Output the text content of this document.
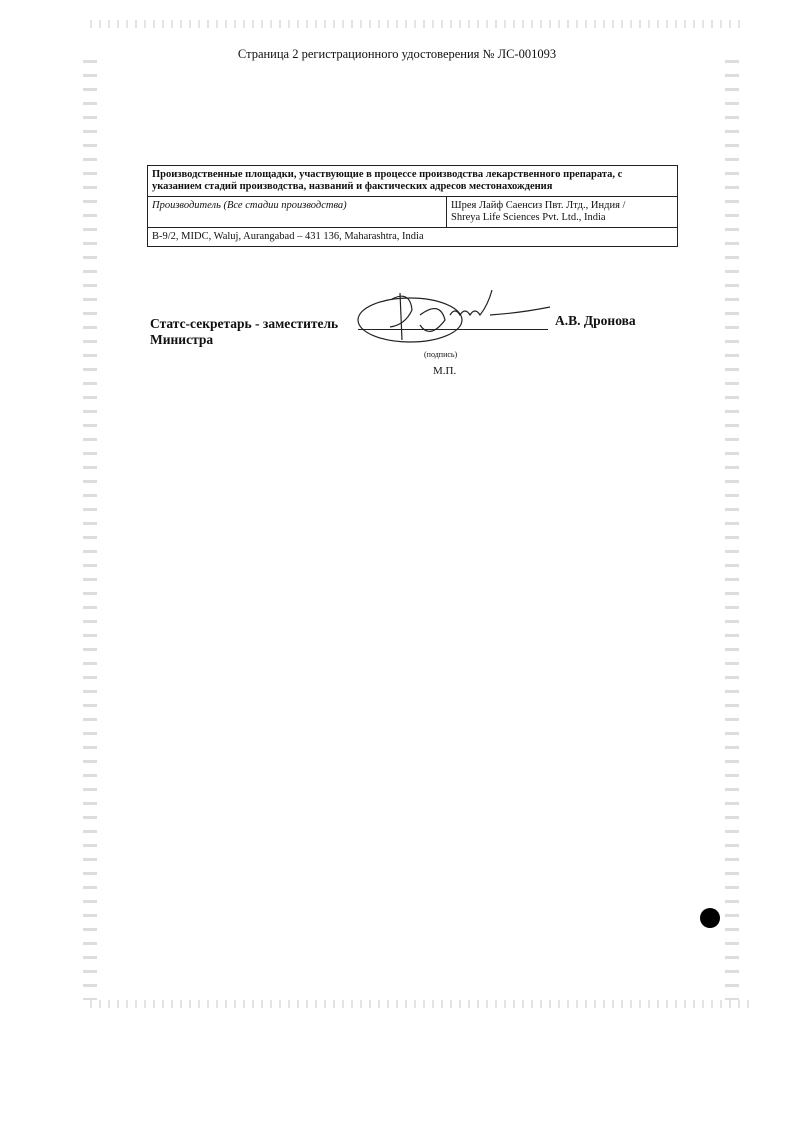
Страница 2 регистрационного удостоверения № ЛС-001093
Производственные площадки, участвующие в процессе производства лекарственного препарата, с указанием стадий производства, названий и фактических адресов местонахождения
Производитель (Все стадии производства)	Шрея Лайф Саенсиз Пвт. Лтд., Индия /
Shreya Life Sciences Pvt. Ltd., India

B-9/2, MIDC, Waluj, Aurangabad – 431 136, Maharashtra, India
Статс-секретарь - заместитель
Министра
А.В. Дронова
(подпись)
М.П.
